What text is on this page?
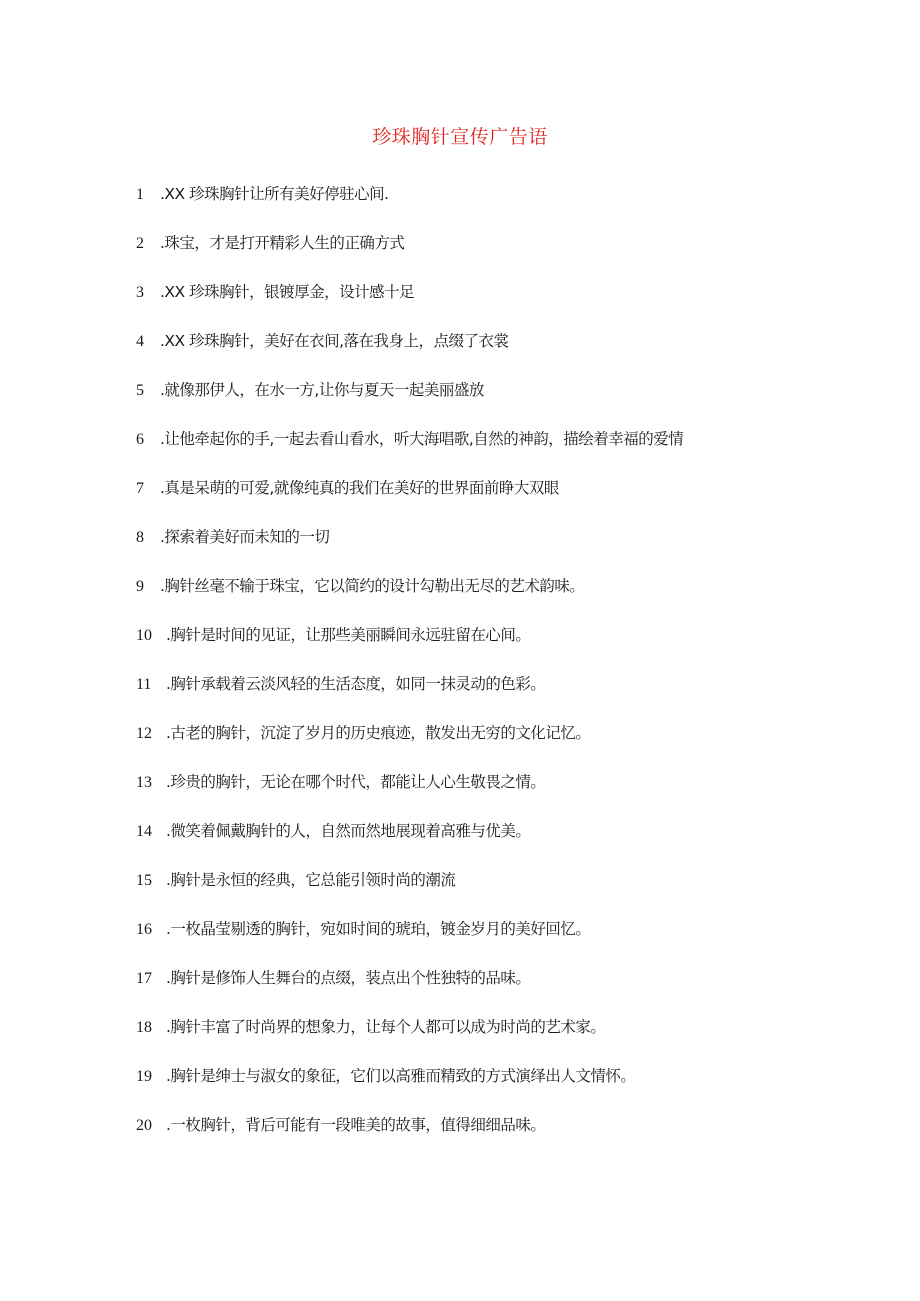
珍珠胸针宣传广告语
1	.XX 珍珠胸针让所有美好停驻心间.
2	.珠宝，才是打开精彩人生的正确方式
3	.XX 珍珠胸针，银镀厚金，设计感十足
4	.XX 珍珠胸针，美好在衣间,落在我身上，点缀了衣裳
5	.就像那伊人，在水一方,让你与夏天一起美丽盛放
6	.让他牵起你的手,一起去看山看水，听大海唱歌,自然的神韵，描绘着幸福的爱情
7	.真是呆萌的可爱,就像纯真的我们在美好的世界面前睁大双眼
8	.探索着美好而未知的一切
9	.胸针丝毫不输于珠宝，它以简约的设计勾勒出无尽的艺术韵味。
10 .胸针是时间的见证，让那些美丽瞬间永远驻留在心间。
11 .胸针承载着云淡风轻的生活态度，如同一抹灵动的色彩。
12 .古老的胸针，沉淀了岁月的历史痕迹，散发出无穷的文化记忆。
13 .珍贵的胸针，无论在哪个时代，都能让人心生敬畏之情。
14 .微笑着佩戴胸针的人，自然而然地展现着高雅与优美。
15 .胸针是永恒的经典，它总能引领时尚的潮流
16 .一枚晶莹剔透的胸针，宛如时间的琥珀，镀金岁月的美好回忆。
17 .胸针是修饰人生舞台的点缀，装点出个性独特的品味。
18 .胸针丰富了时尚界的想象力，让每个人都可以成为时尚的艺术家。
19 .胸针是绅士与淑女的象征，它们以高雅而精致的方式演绎出人文情怀。
20 .一枚胸针，背后可能有一段唯美的故事，值得细细品味。
